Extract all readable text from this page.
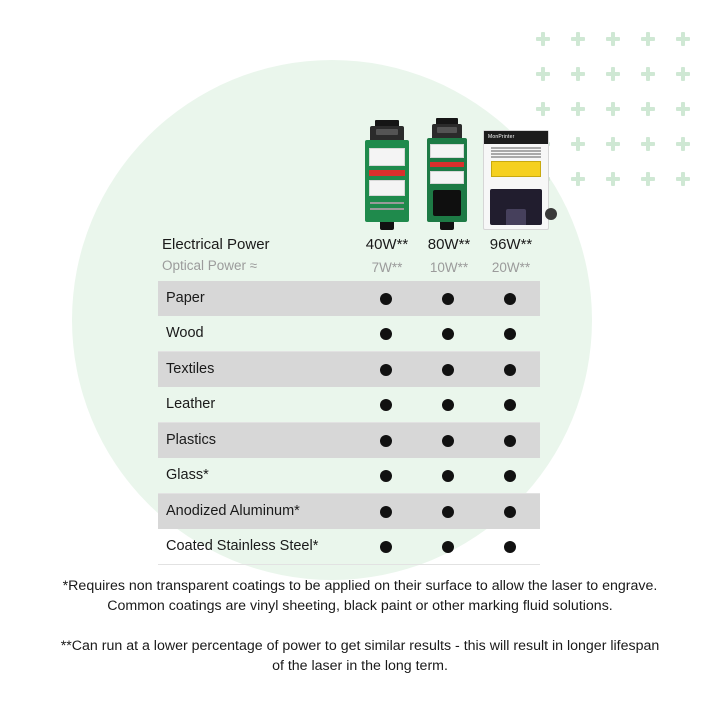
MonPrinter
Electrical Power
Optical Power ≈
40W**
7W**
80W**
10W**
96W**
20W**
Paper
Wood
Textiles
Leather
Plastics
Glass*
Anodized Aluminum*
Coated Stainless Steel*
*Requires non transparent coatings to be applied on their surface to allow the laser to engrave. Common coatings are vinyl sheeting, black paint or other marking fluid solutions.
**Can run at a lower percentage of power to get similar results - this will result in longer lifespan of the laser in the long term.
